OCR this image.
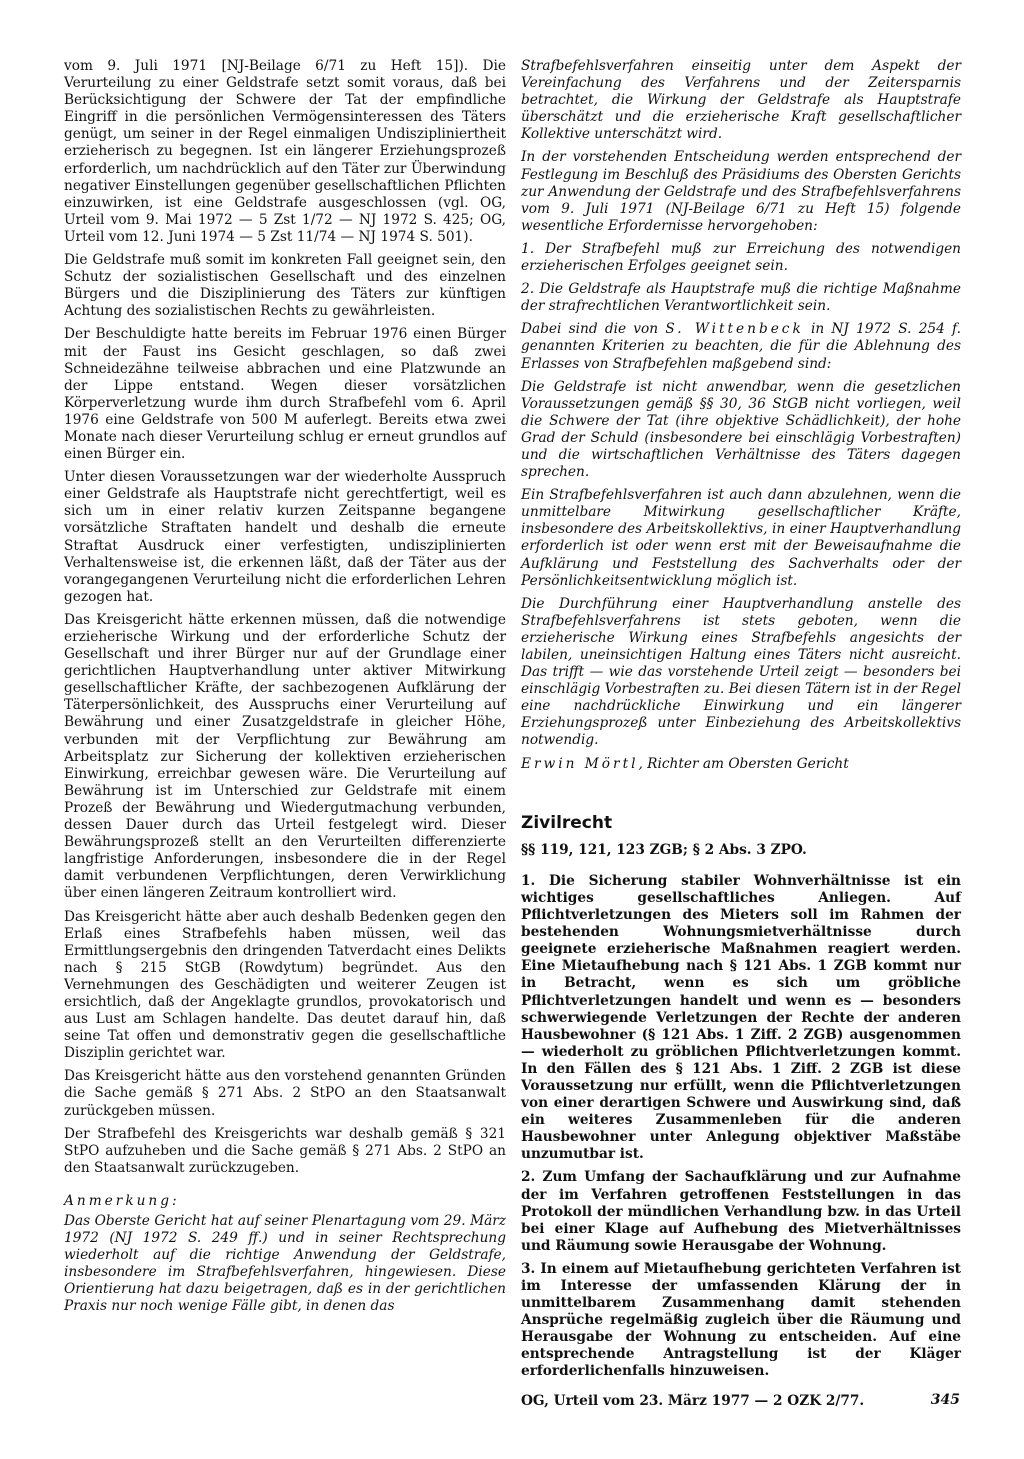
vom 9. Juli 1971 [NJ-Beilage 6/71 zu Heft 15]). Die Verurteilung zu einer Geldstrafe setzt somit voraus, daß bei Berücksichtigung der Schwere der Tat der empfindliche Eingriff in die persönlichen Vermögensinteressen des Täters genügt, um seiner in der Regel einmaligen Undiszipliniertheit erzieherisch zu begegnen. Ist ein längerer Erziehungsprozeß erforderlich, um nachdrücklich auf den Täter zur Überwindung negativer Einstellungen gegenüber gesellschaftlichen Pflichten einzuwirken, ist eine Geldstrafe ausgeschlossen (vgl. OG, Urteil vom 9. Mai 1972 — 5 Zst 1/72 — NJ 1972 S. 425; OG, Urteil vom 12. Juni 1974 — 5 Zst 11/74 — NJ 1974 S. 501).

Die Geldstrafe muß somit im konkreten Fall geeignet sein, den Schutz der sozialistischen Gesellschaft und des einzelnen Bürgers und die Disziplinierung des Täters zur künftigen Achtung des sozialistischen Rechts zu gewährleisten.

Der Beschuldigte hatte bereits im Februar 1976 einen Bürger mit der Faust ins Gesicht geschlagen, so daß zwei Schneidezähne teilweise abbrachen und eine Platzwunde an der Lippe entstand. Wegen dieser vorsätzlichen Körperverletzung wurde ihm durch Strafbefehl vom 6. April 1976 eine Geldstrafe von 500 M auferlegt. Bereits etwa zwei Monate nach dieser Verurteilung schlug er erneut grundlos auf einen Bürger ein.

Unter diesen Voraussetzungen war der wiederholte Ausspruch einer Geldstrafe als Hauptstrafe nicht gerechtfertigt, weil es sich um in einer relativ kurzen Zeitspanne begangene vorsätzliche Straftaten handelt und deshalb die erneute Straftat Ausdruck einer verfestigten, undisziplinierten Verhaltensweise ist, die erkennen läßt, daß der Täter aus der vorangegangenen Verurteilung nicht die erforderlichen Lehren gezogen hat.

Das Kreisgericht hätte erkennen müssen, daß die notwendige erzieherische Wirkung und der erforderliche Schutz der Gesellschaft und ihrer Bürger nur auf der Grundlage einer gerichtlichen Hauptverhandlung unter aktiver Mitwirkung gesellschaftlicher Kräfte, der sachbezogenen Aufklärung der Täterpersönlichkeit, des Ausspruchs einer Verurteilung auf Bewährung und einer Zusatzgeldstrafe in gleicher Höhe, verbunden mit der Verpflichtung zur Bewährung am Arbeitsplatz zur Sicherung der kollektiven erzieherischen Einwirkung, erreichbar gewesen wäre. Die Verurteilung auf Bewährung ist im Unterschied zur Geldstrafe mit einem Prozeß der Bewährung und Wiedergutmachung verbunden, dessen Dauer durch das Urteil festgelegt wird. Dieser Bewährungsprozeß stellt an den Verurteilten differenzierte langfristige Anforderungen, insbesondere die in der Regel damit verbundenen Verpflichtungen, deren Verwirklichung über einen längeren Zeitraum kontrolliert wird.

Das Kreisgericht hätte aber auch deshalb Bedenken gegen den Erlaß eines Strafbefehls haben müssen, weil das Ermittlungsergebnis den dringenden Tatverdacht eines Delikts nach § 215 StGB (Rowdytum) begründet. Aus den Vernehmungen des Geschädigten und weiterer Zeugen ist ersichtlich, daß der Angeklagte grundlos, provokatorisch und aus Lust am Schlagen handelte. Das deutet darauf hin, daß seine Tat offen und demonstrativ gegen die gesellschaftliche Disziplin gerichtet war.

Das Kreisgericht hätte aus den vorstehend genannten Gründen die Sache gemäß § 271 Abs. 2 StPO an den Staatsanwalt zurückgeben müssen.

Der Strafbefehl des Kreisgerichts war deshalb gemäß § 321 StPO aufzuheben und die Sache gemäß § 271 Abs. 2 StPO an den Staatsanwalt zurückzugeben.

Anmerkung:

Das Oberste Gericht hat auf seiner Plenartagung vom 29. März 1972 (NJ 1972 S. 249 ff.) und in seiner Rechtsprechung wiederholt auf die richtige Anwendung der Geldstrafe, insbesondere im Strafbefehlsverfahren, hingewiesen. Diese Orientierung hat dazu beigetragen, daß es in der gerichtlichen Praxis nur noch wenige Fälle gibt, in denen das

Strafbefehlsverfahren einseitig unter dem Aspekt der Vereinfachung des Verfahrens und der Zeitersparnis betrachtet, die Wirkung der Geldstrafe als Hauptstrafe überschätzt und die erzieherische Kraft gesellschaftlicher Kollektive unterschätzt wird.

In der vorstehenden Entscheidung werden entsprechend der Festlegung im Beschluß des Präsidiums des Obersten Gerichts zur Anwendung der Geldstrafe und des Strafbefehlsverfahrens vom 9. Juli 1971 (NJ-Beilage 6/71 zu Heft 15) folgende wesentliche Erfordernisse hervorgehoben:

1. Der Strafbefehl muß zur Erreichung des notwendigen erzieherischen Erfolges geeignet sein.

2. Die Geldstrafe als Hauptstrafe muß die richtige Maßnahme der strafrechtlichen Verantwortlichkeit sein.

Dabei sind die von S. Wittenbeck in NJ 1972 S. 254 f. genannten Kriterien zu beachten, die für die Ablehnung des Erlasses von Strafbefehlen maßgebend sind:

Die Geldstrafe ist nicht anwendbar, wenn die gesetzlichen Voraussetzungen gemäß §§ 30, 36 StGB nicht vorliegen, weil die Schwere der Tat (ihre objektive Schädlichkeit), der hohe Grad der Schuld (insbesondere bei einschlägig Vorbestraften) und die wirtschaftlichen Verhältnisse des Täters dagegen sprechen.

Ein Strafbefehlsverfahren ist auch dann abzulehnen, wenn die unmittelbare Mitwirkung gesellschaftlicher Kräfte, insbesondere des Arbeitskollektivs, in einer Hauptverhandlung erforderlich ist oder wenn erst mit der Beweisaufnahme die Aufklärung und Feststellung des Sachverhalts oder der Persönlichkeitsentwicklung möglich ist.

Die Durchführung einer Hauptverhandlung anstelle des Strafbefehlsverfahrens ist stets geboten, wenn die erzieherische Wirkung eines Strafbefehls angesichts der labilen, uneinsichtigen Haltung eines Täters nicht ausreicht. Das trifft — wie das vorstehende Urteil zeigt — besonders bei einschlägig Vorbestraften zu. Bei diesen Tätern ist in der Regel eine nachdrückliche Einwirkung und ein längerer Erziehungsprozeß unter Einbeziehung des Arbeitskollektivs notwendig.

Erwin Mörtl, Richter am Obersten Gericht

Zivilrecht
§§ 119, 121, 123 ZGB; § 2 Abs. 3 ZPO.

1. Die Sicherung stabiler Wohnverhältnisse ist ein wichtiges gesellschaftliches Anliegen. Auf Pflichtverletzungen des Mieters soll im Rahmen der bestehenden Wohnungsmietverhältnisse durch geeignete erzieherische Maßnahmen reagiert werden. Eine Mietaufhebung nach § 121 Abs. 1 ZGB kommt nur in Betracht, wenn es sich um gröbliche Pflichtverletzungen handelt und wenn es — besonders schwerwiegende Verletzungen der Rechte der anderen Hausbewohner (§ 121 Abs. 1 Ziff. 2 ZGB) ausgenommen — wiederholt zu gröblichen Pflichtverletzungen kommt. In den Fällen des § 121 Abs. 1 Ziff. 2 ZGB ist diese Voraussetzung nur erfüllt, wenn die Pflichtverletzungen von einer derartigen Schwere und Auswirkung sind, daß ein weiteres Zusammenleben für die anderen Hausbewohner unter Anlegung objektiver Maßstäbe unzumutbar ist.

2. Zum Umfang der Sachaufklärung und zur Aufnahme der im Verfahren getroffenen Feststellungen in das Protokoll der mündlichen Verhandlung bzw. in das Urteil bei einer Klage auf Aufhebung des Mietverhältnisses und Räumung sowie Herausgabe der Wohnung.

3. In einem auf Mietaufhebung gerichteten Verfahren ist im Interesse der umfassenden Klärung der in unmittelbarem Zusammenhang damit stehenden Ansprüche regelmäßig zugleich über die Räumung und Herausgabe der Wohnung zu entscheiden. Auf eine entsprechende Antragstellung ist der Kläger erforderlichenfalls hinzuweisen.

OG, Urteil vom 23. März 1977 — 2 OZK 2/77.	345
